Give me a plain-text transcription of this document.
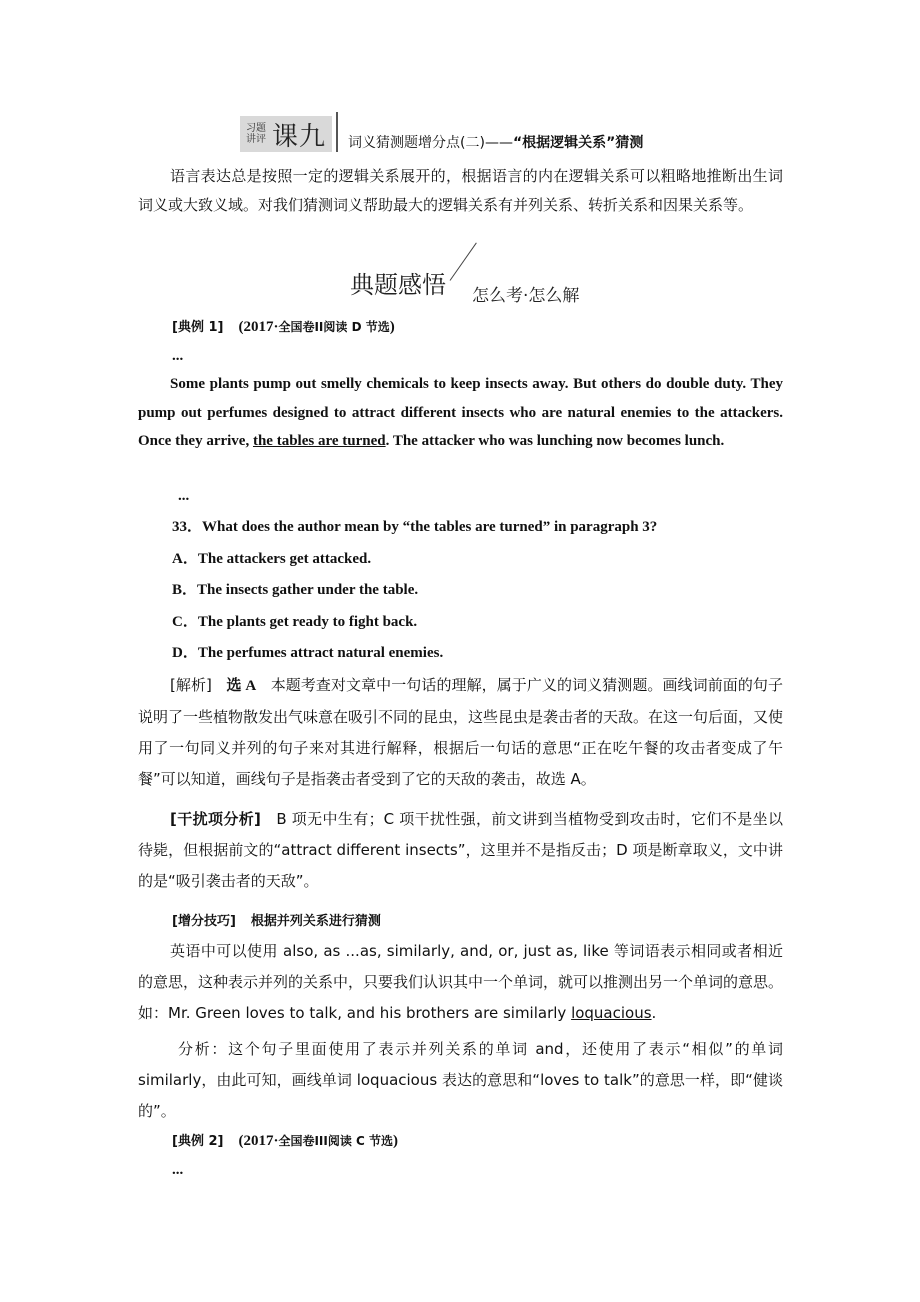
习题
讲评 课九 词义猜测题增分点(二)——“根据逻辑关系”猜测
语言表达总是按照一定的逻辑关系展开的，根据语言的内在逻辑关系可以粗略地推断出生词词义或大致义域。对我们猜测词义帮助最大的逻辑关系有并列关系、转折关系和因果关系等。
典题感悟 怎么考·怎么解
[典例 1] (2017·全国卷II阅读 D 节选)
...
Some plants pump out smelly chemicals to keep insects away. But others do double duty. They pump out perfumes designed to attract different insects who are natural enemies to the attackers. Once they arrive, the tables are turned. The attacker who was lunching now becomes lunch.
...
33．What does the author mean by “the tables are turned” in paragraph 3?
A．The attackers get attacked.
B．The insects gather under the table.
C．The plants get ready to fight back.
D．The perfumes attract natural enemies.
[解析] 选 A 本题考查对文章中一句话的理解，属于广义的词义猜测题。画线词前面的句子说明了一些植物散发出气味意在吸引不同的昆虫，这些昆虫是袭击者的天敌。在这一句后面，又使用了一句同义并列的句子来对其进行解释，根据后一句话的意思“正在吃午餐的攻击者变成了午餐”可以知道，画线句子是指袭击者受到了它的天敌的袭击，故选 A。
[干扰项分析] B 项无中生有；C 项干扰性强，前文讲到当植物受到攻击时，它们不是坐以待毙，但根据前文的“attract different insects”，这里并不是指反击；D 项是断章取义，文中讲的是“吸引袭击者的天敌”。
[增分技巧] 根据并列关系进行猜测
英语中可以使用 also, as ...as, similarly, and, or, just as, like 等词语表示相同或者相近的意思，这种表示并列的关系中，只要我们认识其中一个单词，就可以推测出另一个单词的意思。如：Mr. Green loves to talk, and his brothers are similarly loquacious.
分析：这个句子里面使用了表示并列关系的单词 and，还使用了表示“相似”的单词 similarly，由此可知，画线单词 loquacious 表达的意思和“loves to talk”的意思一样，即“健谈的”。
[典例 2] (2017·全国卷III阅读 C 节选)
...
